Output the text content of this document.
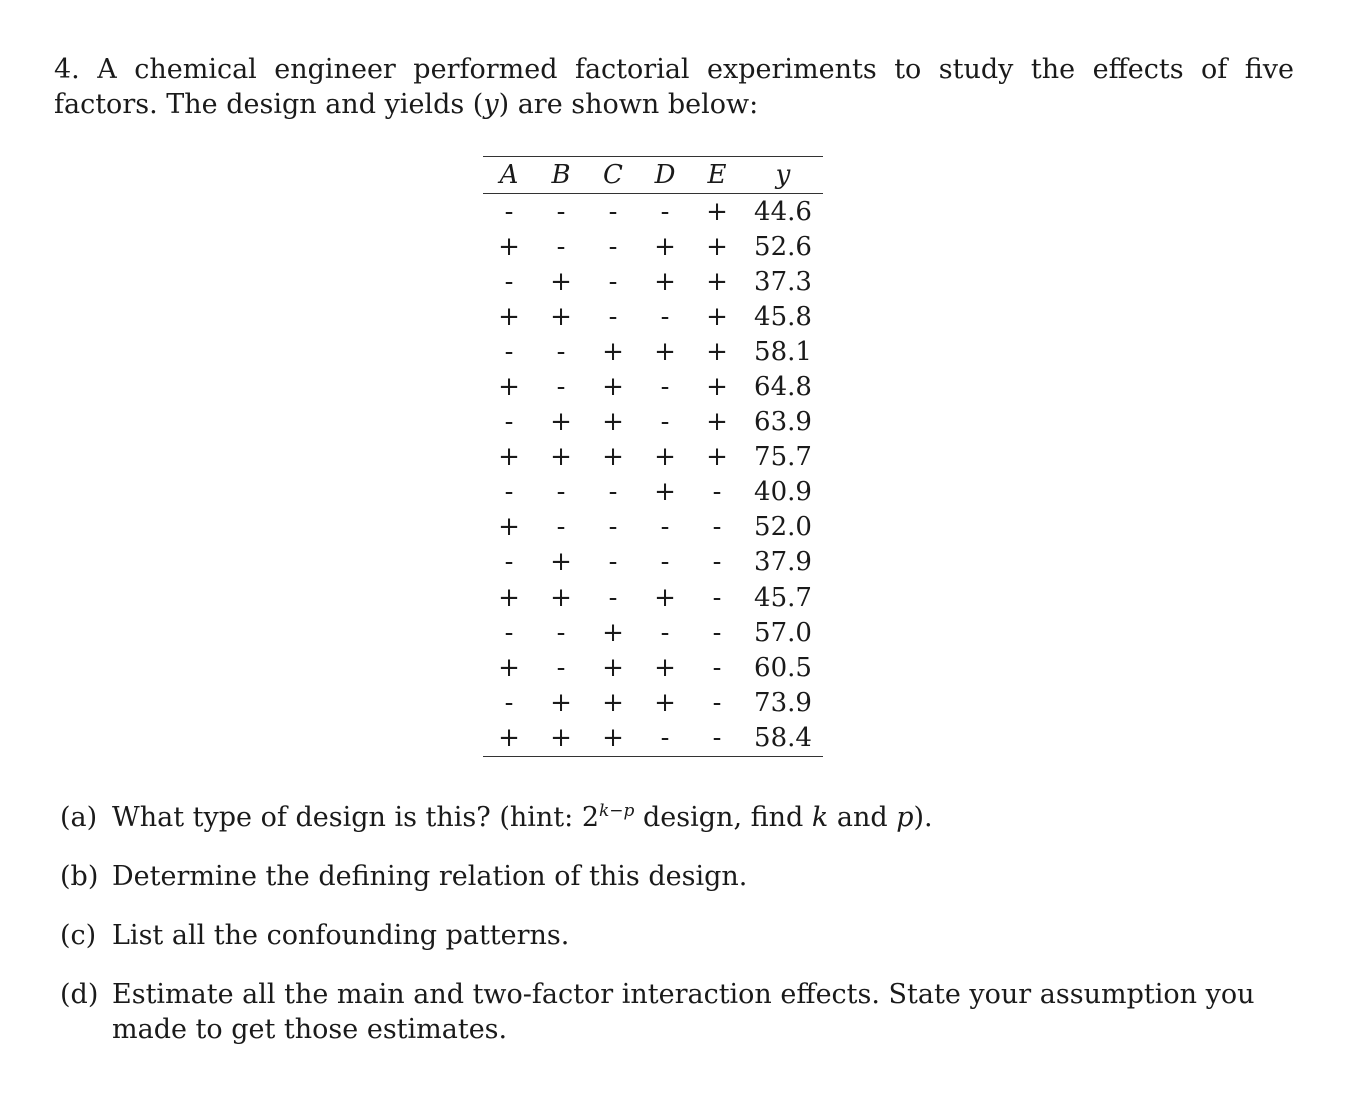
4. A chemical engineer performed factorial experiments to study the effects of five factors. The design and yields (y) are shown below:
A	B	C	D	E	y
-	-	-	-	+	44.6
+	-	-	+	+	52.6
-	+	-	+	+	37.3
+	+	-	-	+	45.8
-	-	+	+	+	58.1
+	-	+	-	+	64.8
-	+	+	-	+	63.9
+	+	+	+	+	75.7
-	-	-	+	-	40.9
+	-	-	-	-	52.0
-	+	-	-	-	37.9
+	+	-	+	-	45.7
-	-	+	-	-	57.0
+	-	+	+	-	60.5
-	+	+	+	-	73.9
+	+	+	-	-	58.4
(a) What type of design is this? (hint: $2^{k-p}$ design, find k and p).
(b) Determine the defining relation of this design.
(c) List all the confounding patterns.
(d) Estimate all the main and two-factor interaction effects. State your assumption you made to get those estimates.
